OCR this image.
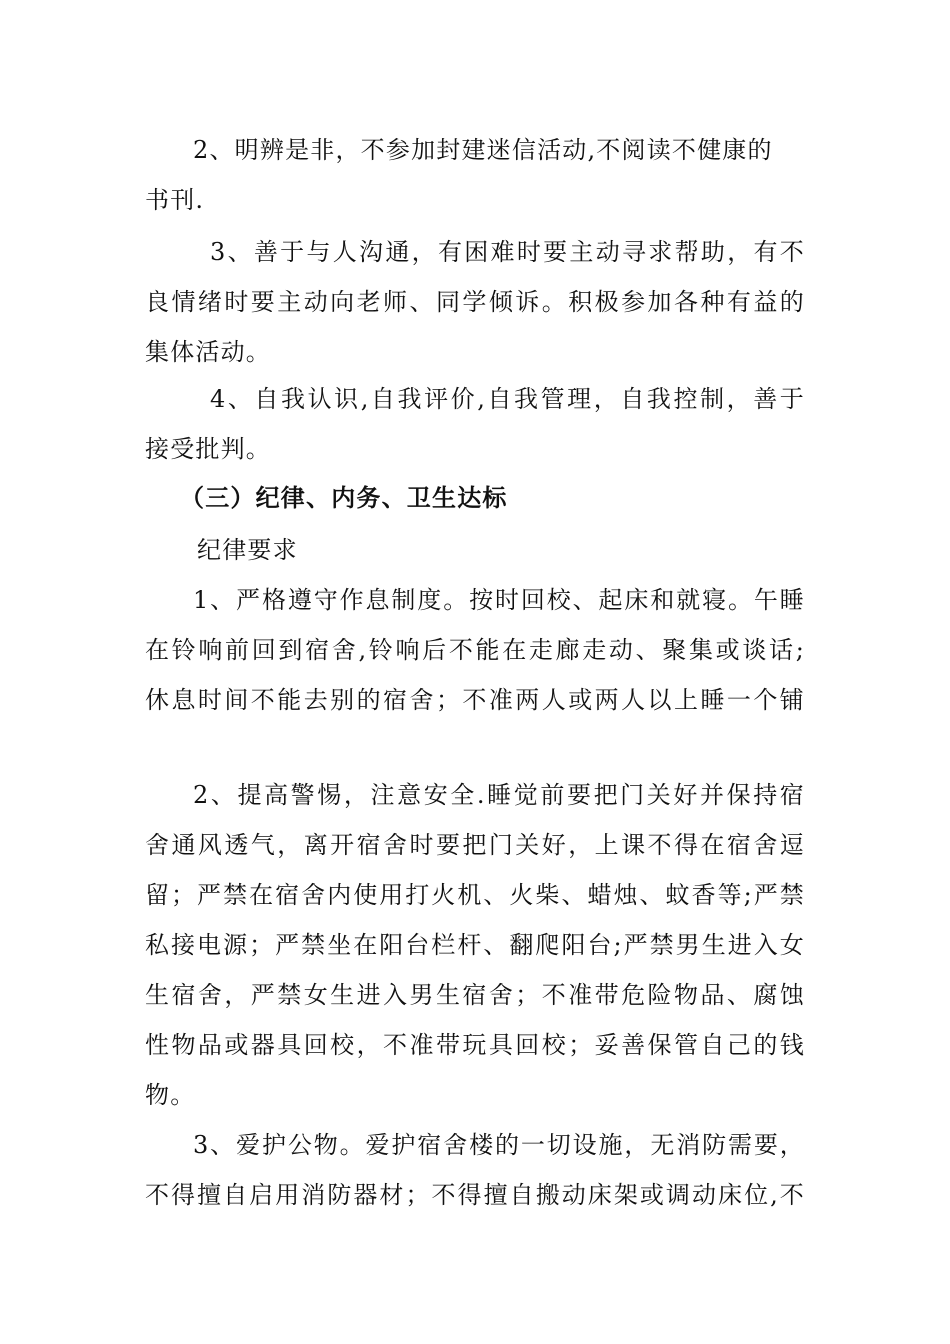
2、明辨是非，不参加封建迷信活动,不阅读不健康的
书刊.
3、善于与人沟通，有困难时要主动寻求帮助，有不
良情绪时要主动向老师、同学倾诉。积极参加各种有益的
集体活动。
4、自我认识,自我评价,自我管理，自我控制，善于
接受批判。
（三）纪律、内务、卫生达标
纪律要求
1、严格遵守作息制度。按时回校、起床和就寝。午睡
在铃响前回到宿舍,铃响后不能在走廊走动、聚集或谈话;
休息时间不能去别的宿舍；不准两人或两人以上睡一个铺
2、提高警惕，注意安全.睡觉前要把门关好并保持宿
舍通风透气，离开宿舍时要把门关好，上课不得在宿舍逗
留；严禁在宿舍内使用打火机、火柴、蜡烛、蚊香等;严禁
私接电源；严禁坐在阳台栏杆、翻爬阳台;严禁男生进入女
生宿舍，严禁女生进入男生宿舍；不准带危险物品、腐蚀
性物品或器具回校，不准带玩具回校；妥善保管自己的钱
物。
3、爱护公物。爱护宿舍楼的一切设施，无消防需要，
不得擅自启用消防器材；不得擅自搬动床架或调动床位,不
